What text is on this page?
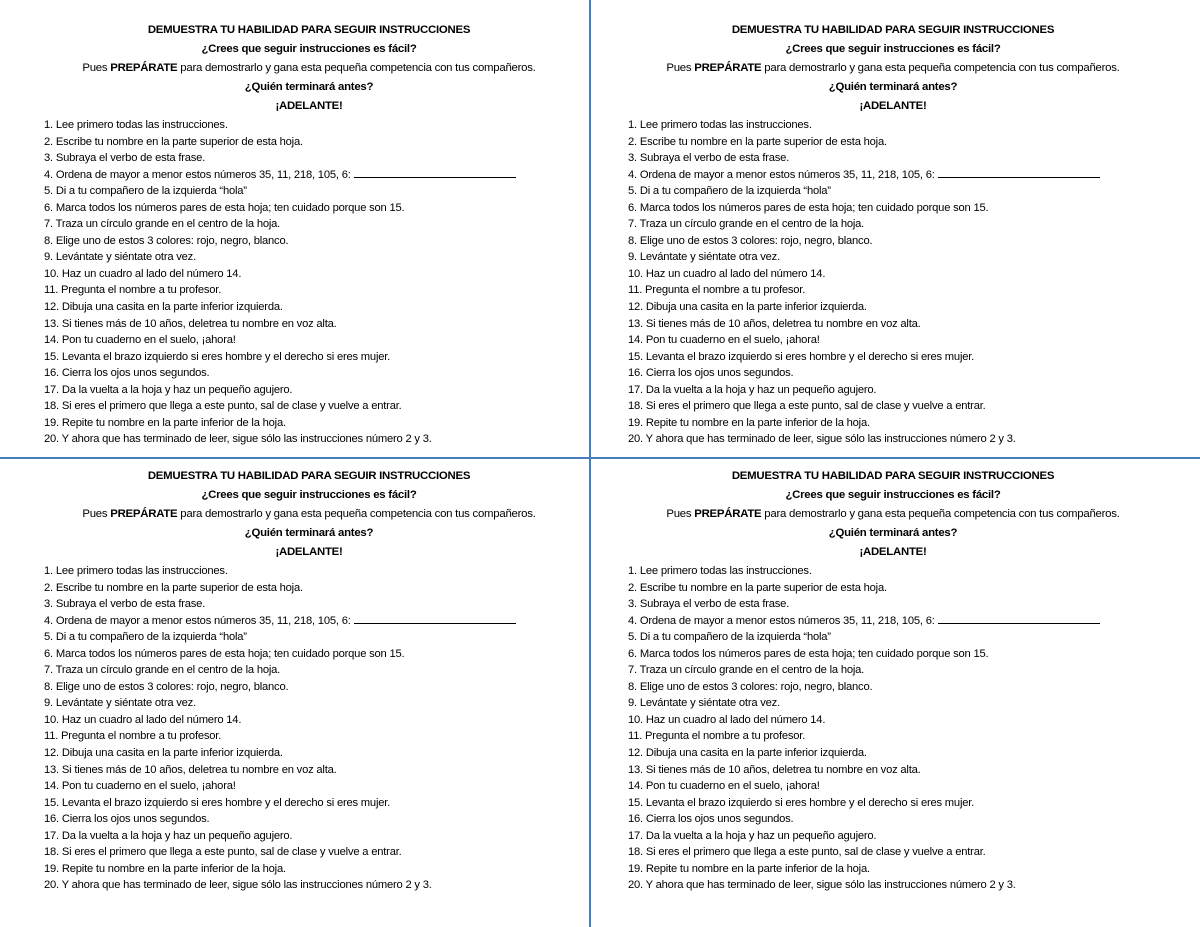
DEMUESTRA TU HABILIDAD PARA SEGUIR INSTRUCCIONES
¿Crees que seguir instrucciones es fácil?
Pues PREPÁRATE para demostrarlo y gana esta pequeña competencia con tus compañeros.
¿Quién terminará antes?
¡ADELANTE!
1. Lee primero todas las instrucciones.
2. Escribe tu nombre en la parte superior de esta hoja.
3. Subraya el verbo de esta frase.
4. Ordena de mayor a menor estos números 35, 11, 218, 105, 6:
5. Di a tu compañero de la izquierda “hola”
6. Marca todos los números pares de esta hoja; ten cuidado porque son 15.
7. Traza un círculo grande en el centro de la hoja.
8. Elige uno de estos 3 colores: rojo, negro, blanco.
9. Levántate y siéntate otra vez.
10. Haz un cuadro al lado del número 14.
11. Pregunta el nombre a tu profesor.
12. Dibuja una casita en la parte inferior izquierda.
13. Si tienes más de 10 años, deletrea tu nombre en voz alta.
14. Pon tu cuaderno en el suelo, ¡ahora!
15. Levanta el brazo izquierdo si eres hombre y el derecho si eres mujer.
16. Cierra los ojos unos segundos.
17. Da la vuelta a la hoja y haz un pequeño agujero.
18. Si eres el primero que llega a este punto, sal de clase y vuelve a entrar.
19. Repite tu nombre en la parte inferior de la hoja.
20. Y ahora que has terminado de leer, sigue sólo las instrucciones número 2 y 3.
DEMUESTRA TU HABILIDAD PARA SEGUIR INSTRUCCIONES
¿Crees que seguir instrucciones es fácil?
Pues PREPÁRATE para demostrarlo y gana esta pequeña competencia con tus compañeros.
¿Quién terminará antes?
¡ADELANTE!
1. Lee primero todas las instrucciones.
2. Escribe tu nombre en la parte superior de esta hoja.
3. Subraya el verbo de esta frase.
4. Ordena de mayor a menor estos números 35, 11, 218, 105, 6:
5. Di a tu compañero de la izquierda “hola”
6. Marca todos los números pares de esta hoja; ten cuidado porque son 15.
7. Traza un círculo grande en el centro de la hoja.
8. Elige uno de estos 3 colores: rojo, negro, blanco.
9. Levántate y siéntate otra vez.
10. Haz un cuadro al lado del número 14.
11. Pregunta el nombre a tu profesor.
12. Dibuja una casita en la parte inferior izquierda.
13. Si tienes más de 10 años, deletrea tu nombre en voz alta.
14. Pon tu cuaderno en el suelo, ¡ahora!
15. Levanta el brazo izquierdo si eres hombre y el derecho si eres mujer.
16. Cierra los ojos unos segundos.
17. Da la vuelta a la hoja y haz un pequeño agujero.
18. Si eres el primero que llega a este punto, sal de clase y vuelve a entrar.
19. Repite tu nombre en la parte inferior de la hoja.
20. Y ahora que has terminado de leer, sigue sólo las instrucciones número 2 y 3.
DEMUESTRA TU HABILIDAD PARA SEGUIR INSTRUCCIONES
¿Crees que seguir instrucciones es fácil?
Pues PREPÁRATE para demostrarlo y gana esta pequeña competencia con tus compañeros.
¿Quién terminará antes?
¡ADELANTE!
1. Lee primero todas las instrucciones.
2. Escribe tu nombre en la parte superior de esta hoja.
3. Subraya el verbo de esta frase.
4. Ordena de mayor a menor estos números 35, 11, 218, 105, 6:
5. Di a tu compañero de la izquierda “hola”
6. Marca todos los números pares de esta hoja; ten cuidado porque son 15.
7. Traza un círculo grande en el centro de la hoja.
8. Elige uno de estos 3 colores: rojo, negro, blanco.
9. Levántate y siéntate otra vez.
10. Haz un cuadro al lado del número 14.
11. Pregunta el nombre a tu profesor.
12. Dibuja una casita en la parte inferior izquierda.
13. Si tienes más de 10 años, deletrea tu nombre en voz alta.
14. Pon tu cuaderno en el suelo, ¡ahora!
15. Levanta el brazo izquierdo si eres hombre y el derecho si eres mujer.
16. Cierra los ojos unos segundos.
17. Da la vuelta a la hoja y haz un pequeño agujero.
18. Si eres el primero que llega a este punto, sal de clase y vuelve a entrar.
19. Repite tu nombre en la parte inferior de la hoja.
20. Y ahora que has terminado de leer, sigue sólo las instrucciones número 2 y 3.
DEMUESTRA TU HABILIDAD PARA SEGUIR INSTRUCCIONES
¿Crees que seguir instrucciones es fácil?
Pues PREPÁRATE para demostrarlo y gana esta pequeña competencia con tus compañeros.
¿Quién terminará antes?
¡ADELANTE!
1. Lee primero todas las instrucciones.
2. Escribe tu nombre en la parte superior de esta hoja.
3. Subraya el verbo de esta frase.
4. Ordena de mayor a menor estos números 35, 11, 218, 105, 6:
5. Di a tu compañero de la izquierda “hola”
6. Marca todos los números pares de esta hoja; ten cuidado porque son 15.
7. Traza un círculo grande en el centro de la hoja.
8. Elige uno de estos 3 colores: rojo, negro, blanco.
9. Levántate y siéntate otra vez.
10. Haz un cuadro al lado del número 14.
11. Pregunta el nombre a tu profesor.
12. Dibuja una casita en la parte inferior izquierda.
13. Si tienes más de 10 años, deletrea tu nombre en voz alta.
14. Pon tu cuaderno en el suelo, ¡ahora!
15. Levanta el brazo izquierdo si eres hombre y el derecho si eres mujer.
16. Cierra los ojos unos segundos.
17. Da la vuelta a la hoja y haz un pequeño agujero.
18. Si eres el primero que llega a este punto, sal de clase y vuelve a entrar.
19. Repite tu nombre en la parte inferior de la hoja.
20. Y ahora que has terminado de leer, sigue sólo las instrucciones número 2 y 3.
